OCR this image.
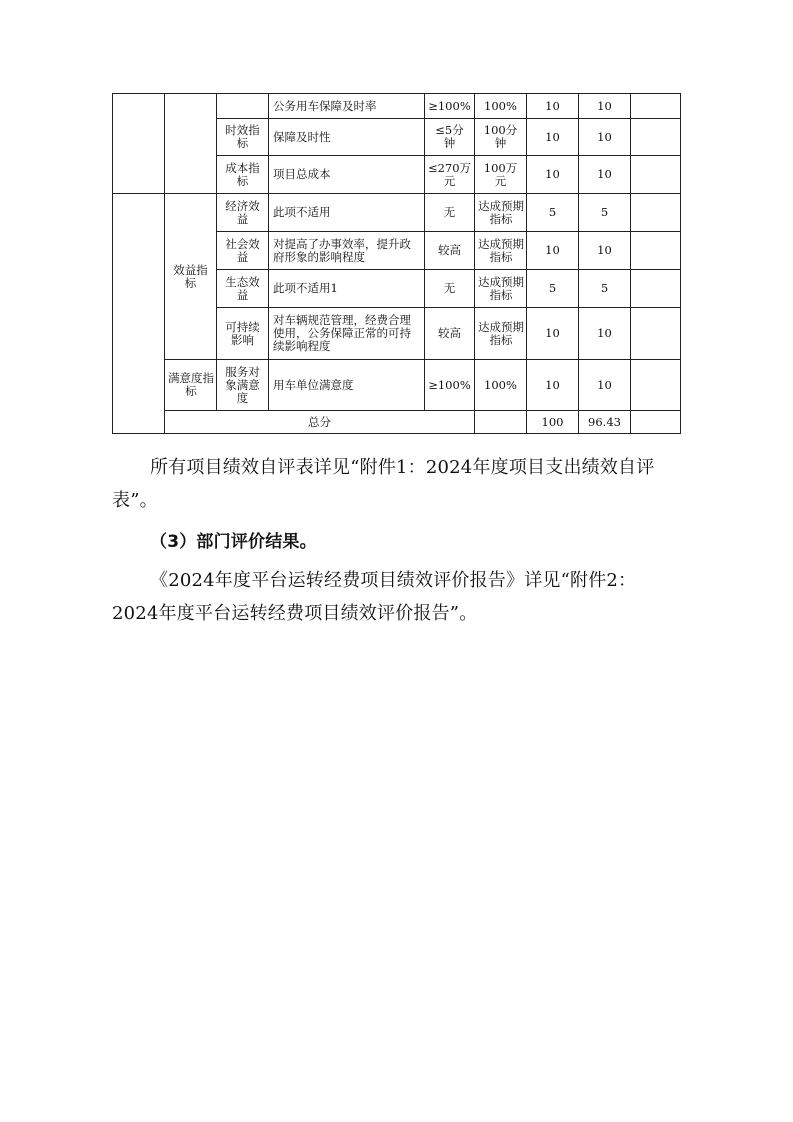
			公务用车保障及时率	≥100%	100%	10	10	
		时效指标	保障及时性	≤5分钟	100分钟	10	10	
		成本指标	项目总成本	≤270万元	100万元	10	10	
	效益指标	经济效益	此项不适用	无	达成预期指标	5	5	
		社会效益	对提高了办事效率，提升政府形象的影响程度	较高	达成预期指标	10	10	
		生态效益	此项不适用1	无	达成预期指标	5	5	
		可持续影响	对车辆规范管理，经费合理使用，公务保障正常的可持续影响程度	较高	达成预期指标	10	10	
	满意度指标	服务对象满意度	用车单位满意度	≥100%	100%	10	10	
	总分					100	96.43	

所有项目绩效自评表详见“附件1：2024年度项目支出绩效自评表”。

（3）部门评价结果。

《2024年度平台运转经费项目绩效评价报告》详见“附件2：2024年度平台运转经费项目绩效评价报告”。
